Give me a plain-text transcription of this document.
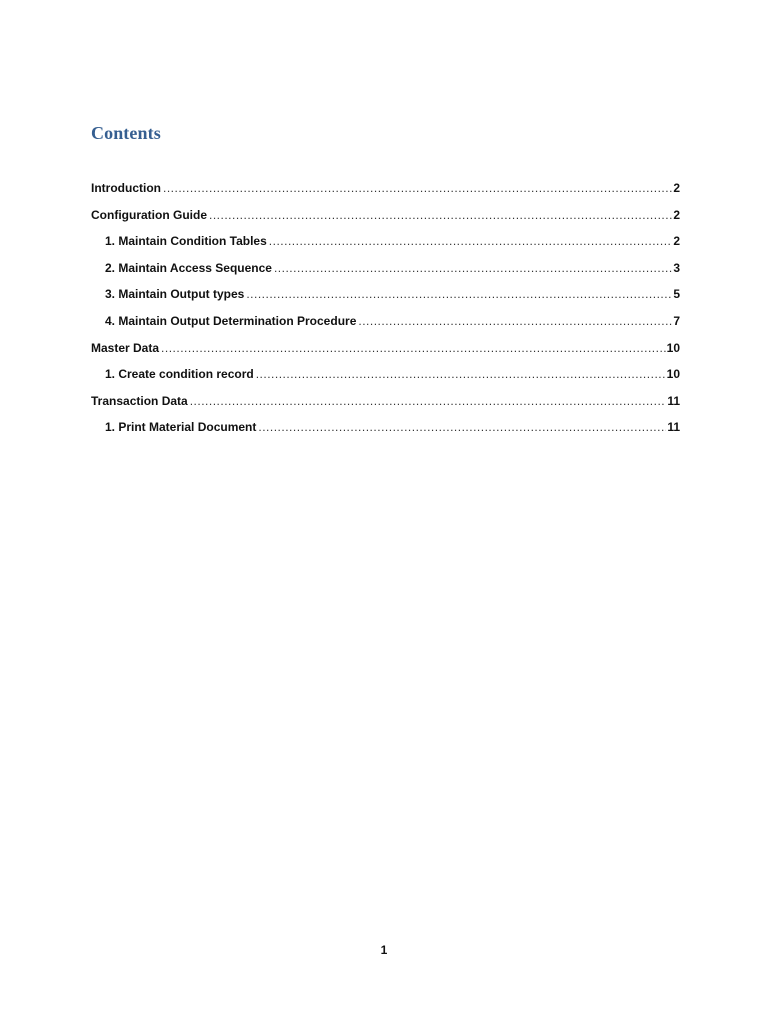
Contents
Introduction .....	2
Configuration Guide .....	2
1. Maintain Condition Tables .....	2
2. Maintain Access Sequence .....	3
3. Maintain Output types .....	5
4. Maintain Output Determination Procedure .....	7
Master Data .....	10
1. Create condition record .....	10
Transaction Data .....	11
1. Print Material Document .....	11
1
